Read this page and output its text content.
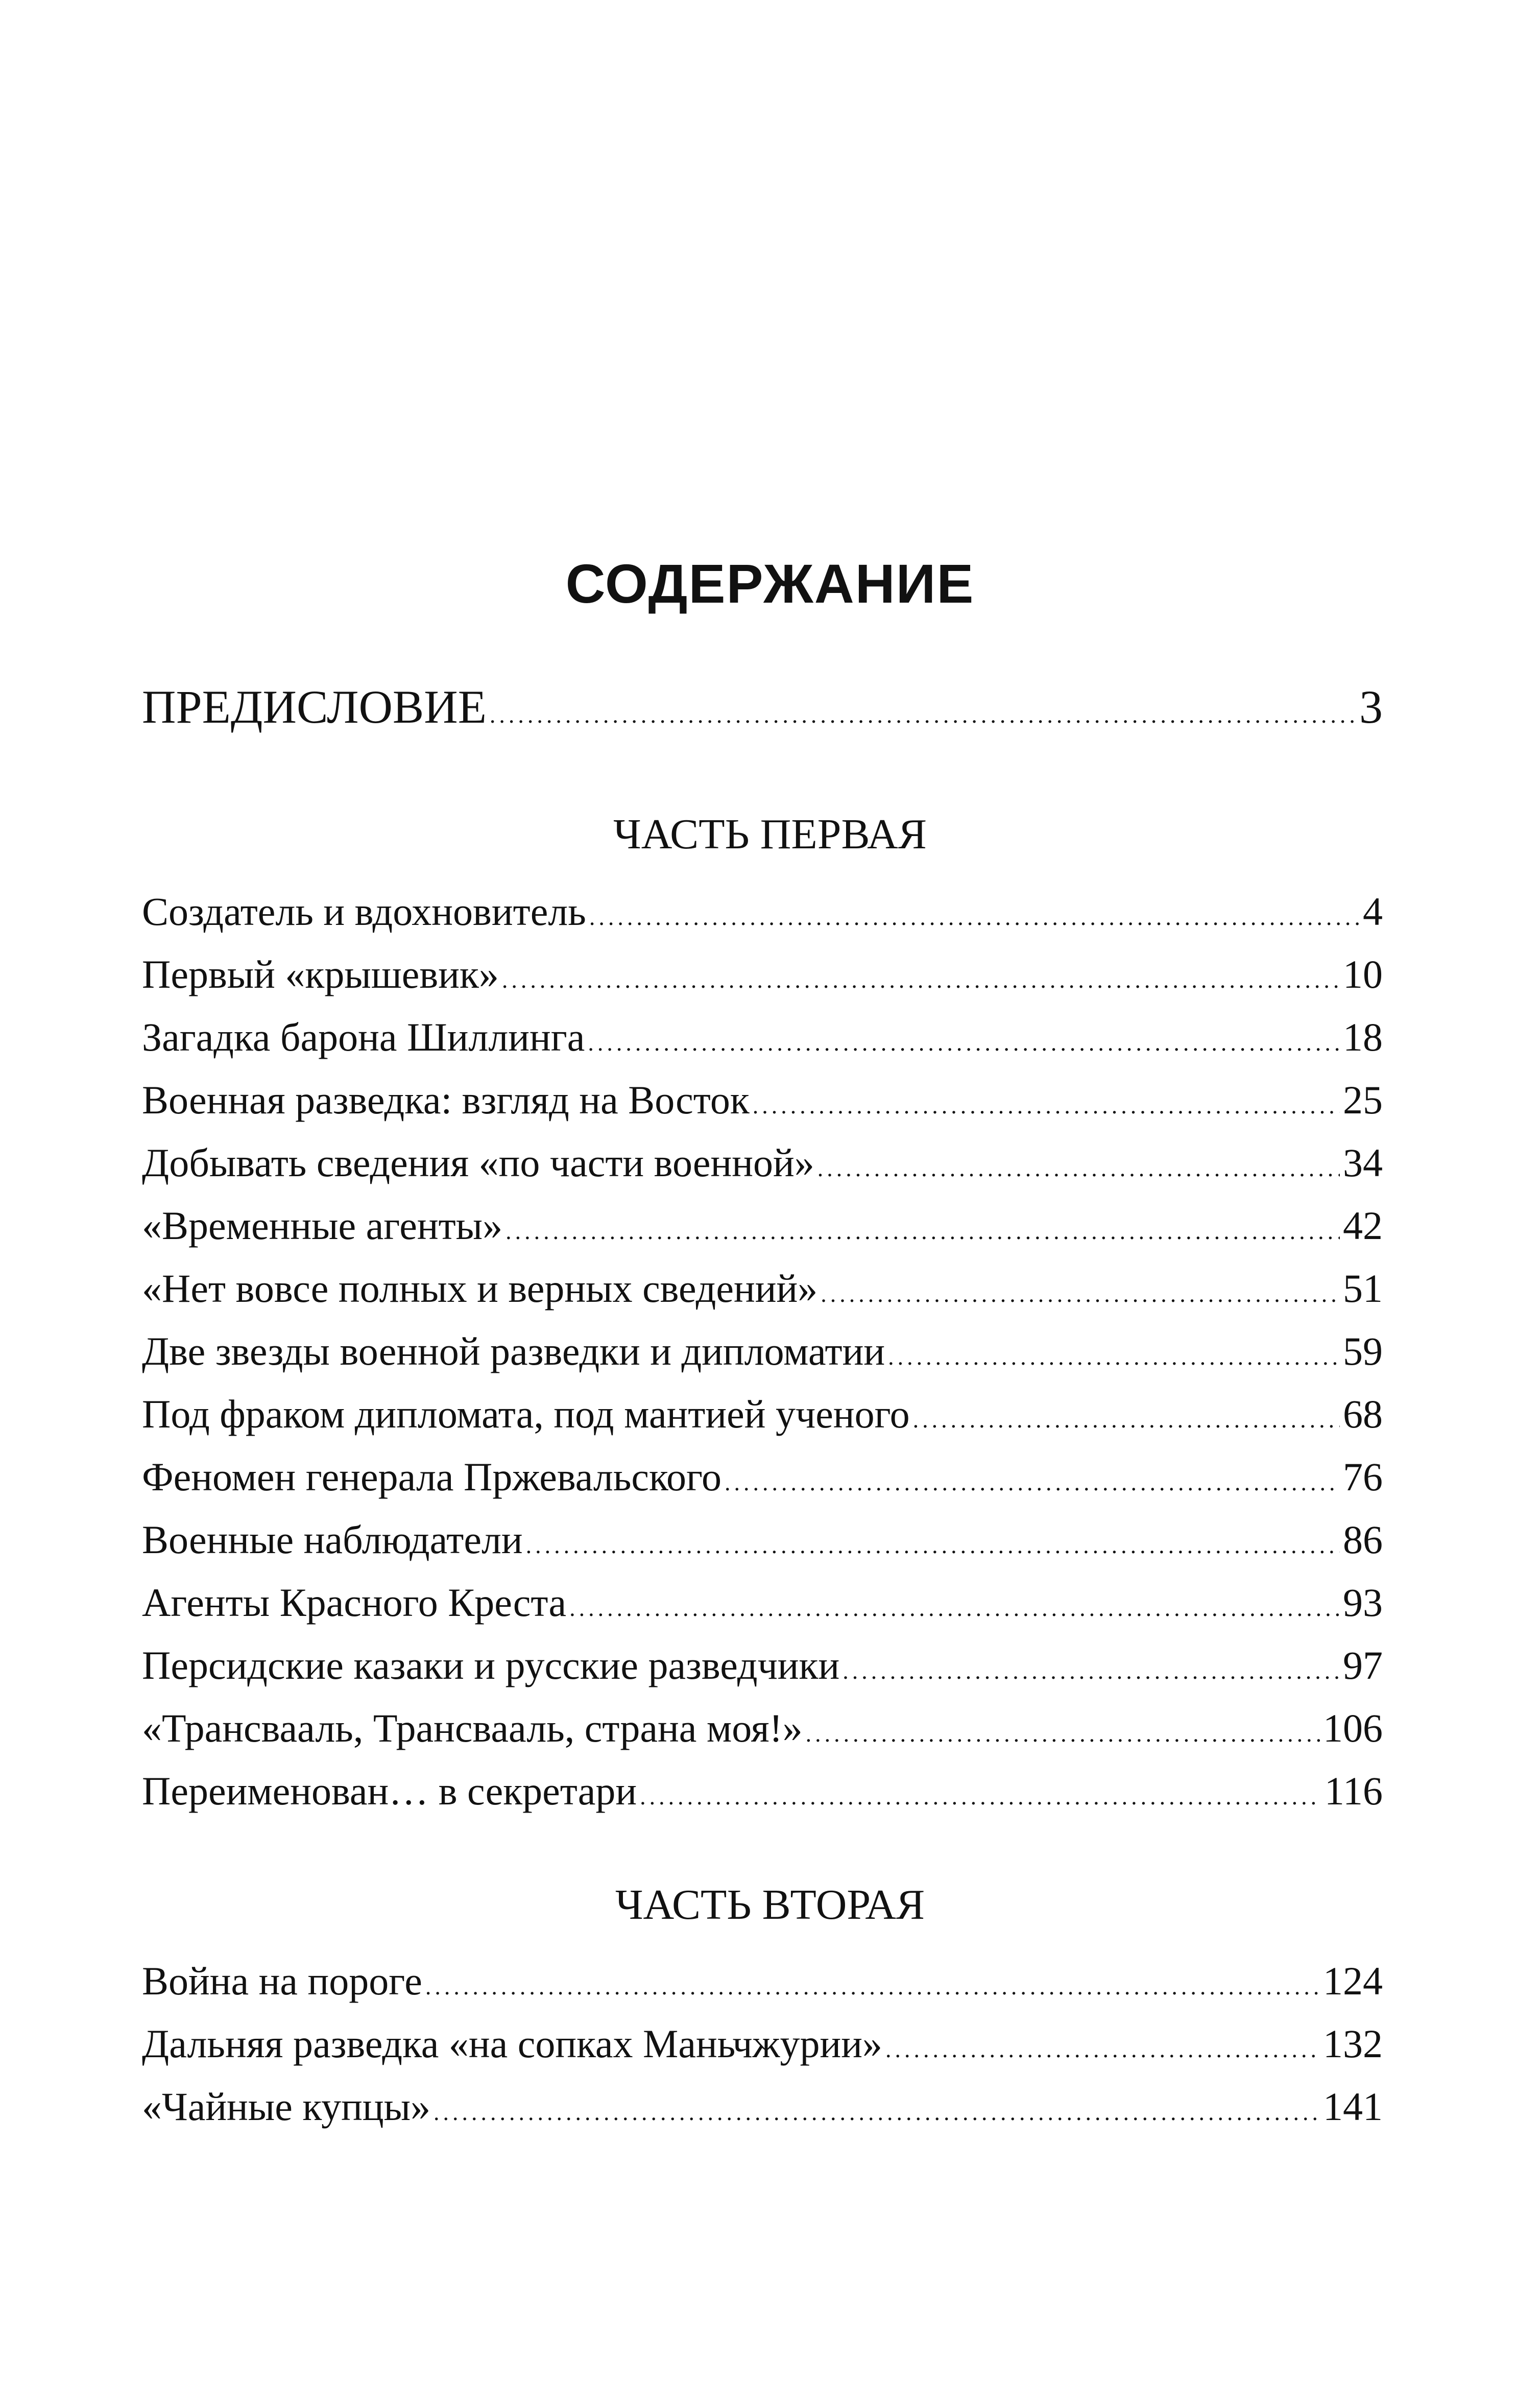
СОДЕРЖАНИЕ
ПРЕДИСЛОВИЕ .....	3
ЧАСТЬ ПЕРВАЯ
Создатель и вдохновитель .....	4
Первый «крышевик» .....	10
Загадка барона Шиллинга .....	18
Военная разведка: взгляд на Восток .....	25
Добывать сведения «по части военной» .....	34
«Временные агенты» .....	42
«Нет вовсе полных и верных сведений» .....	51
Две звезды военной разведки и дипломатии .....	59
Под фраком дипломата, под мантией ученого .....	68
Феномен генерала Пржевальского .....	76
Военные наблюдатели .....	86
Агенты Красного Креста .....	93
Персидские казаки и русские разведчики .....	97
«Трансвааль, Трансвааль, страна моя!» .....	106
Переименован… в секретари .....	116
ЧАСТЬ ВТОРАЯ
Война на пороге .....	124
Дальняя разведка «на сопках Маньчжурии» .....	132
«Чайные купцы» .....	141
